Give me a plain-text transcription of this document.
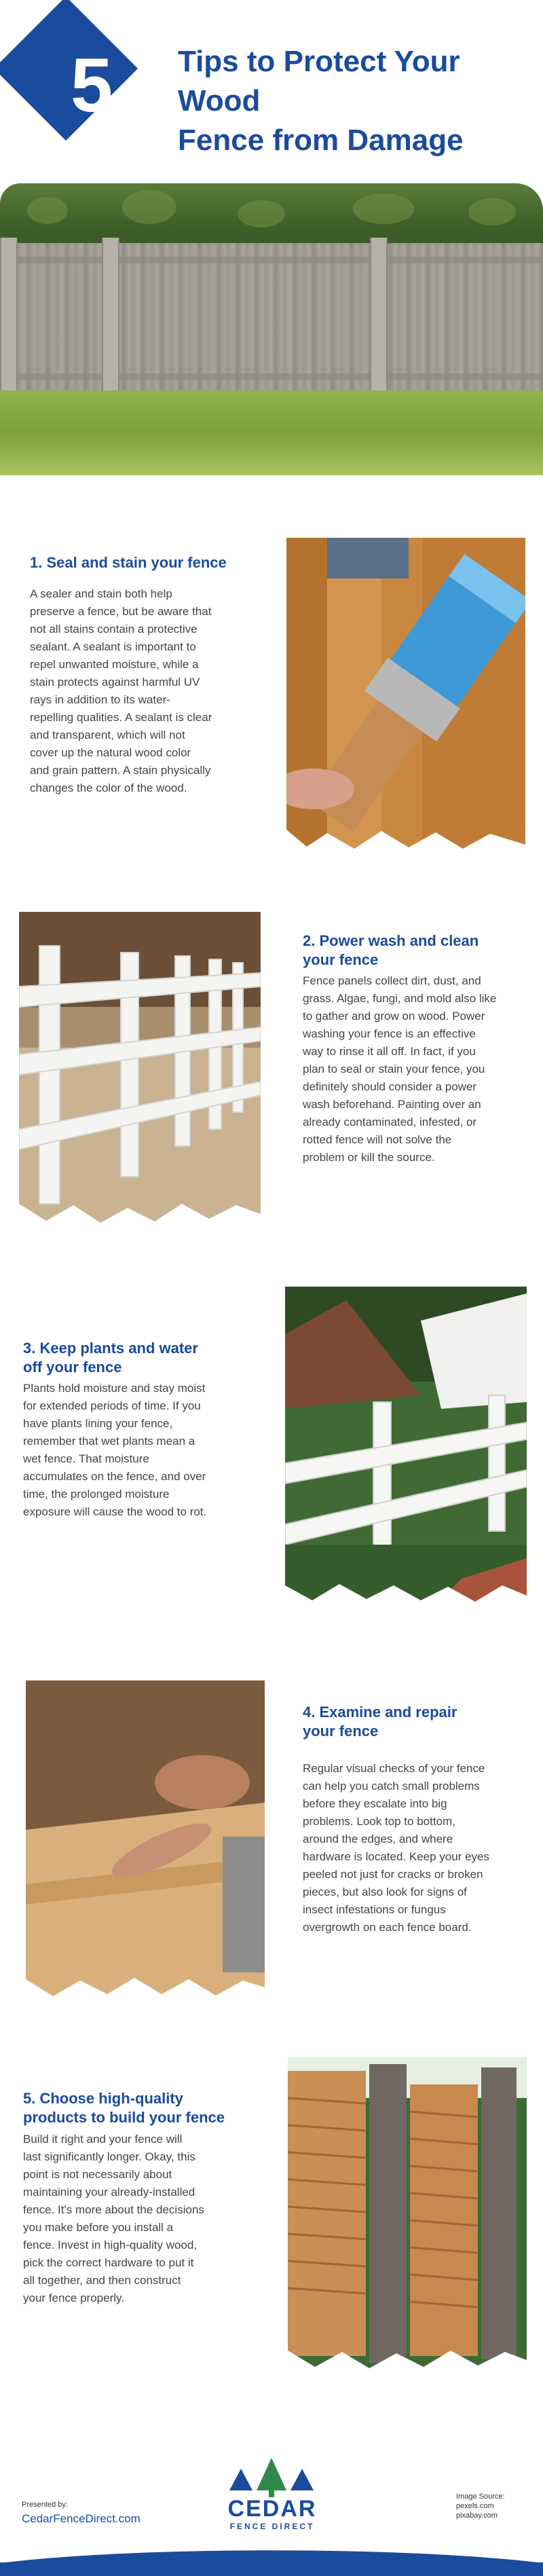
5	Tips to Protect Your Wood
Fence from Damage
1. Seal and stain your fence
A sealer and stain both help
preserve a fence, but be aware that
not all stains contain a protective
sealant. A sealant is important to
repel unwanted moisture, while a
stain protects against harmful UV
rays in addition to its water-
repelling qualities. A sealant is clear
and transparent, which will not
cover up the natural wood color
and grain pattern. A stain physically
changes the color of the wood.
2. Power wash and clean
your fence
Fence panels collect dirt, dust, and
grass. Algae, fungi, and mold also like
to gather and grow on wood. Power
washing your fence is an effective
way to rinse it all off. In fact, if you
plan to seal or stain your fence, you
definitely should consider a power
wash beforehand. Painting over an
already contaminated, infested, or
rotted fence will not solve the
problem or kill the source.
3. Keep plants and water
off your fence
Plants hold moisture and stay moist
for extended periods of time. If you
have plants lining your fence,
remember that wet plants mean a
wet fence. That moisture
accumulates on the fence, and over
time, the prolonged moisture
exposure will cause the wood to rot.
4. Examine and repair
your fence
Regular visual checks of your fence
can help you catch small problems
before they escalate into big
problems. Look top to bottom,
around the edges, and where
hardware is located. Keep your eyes
peeled not just for cracks or broken
pieces, but also look for signs of
insect infestations or fungus
overgrowth on each fence board.
5. Choose high-quality
products to build your fence
Build it right and your fence will
last significantly longer. Okay, this
point is not necessarily about
maintaining your already-installed
fence. It's more about the decisions
you make before you install a
fence. Invest in high-quality wood,
pick the correct hardware to put it
all together, and then construct
your fence properly.
Presented by:
CedarFenceDirect.com	CEDAR
FENCE DIRECT
Image Source:
pexels.com
pixabay.com
